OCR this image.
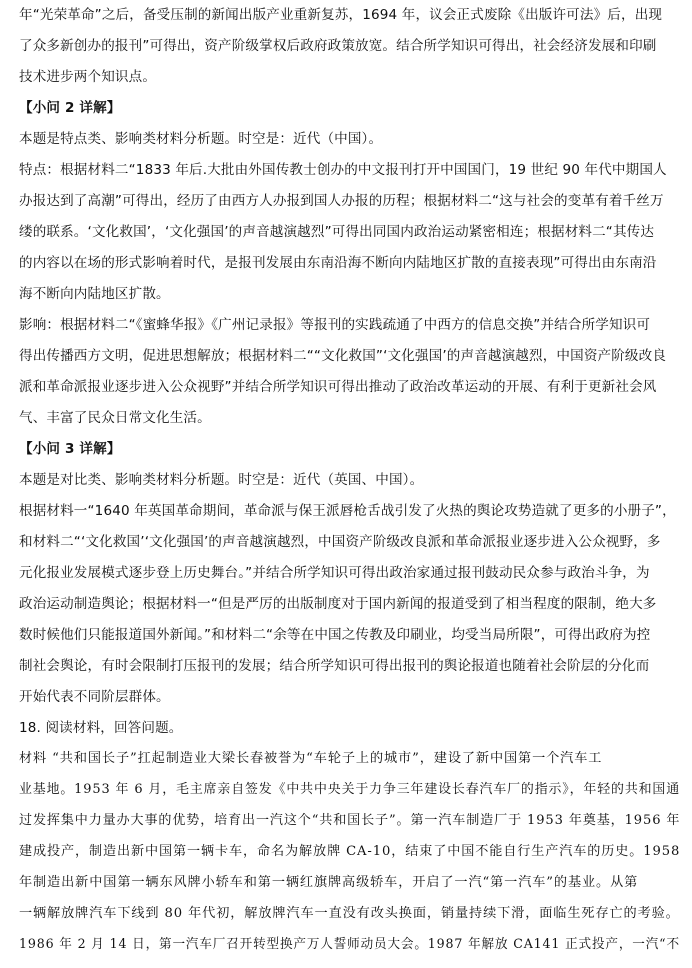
年“光荣革命”之后，备受压制的新闻出版产业重新复苏，1694 年，议会正式废除《出版许可法》后，出现
了众多新创办的报刊”可得出，资产阶级掌权后政府政策放宽。结合所学知识可得出，社会经济发展和印刷
技术进步两个知识点。
【小问 2 详解】
本题是特点类、影响类材料分析题。时空是：近代（中国）。
特点：根据材料二“1833 年后.大批由外国传教士创办的中文报刊打开中国国门，19 世纪 90 年代中期国人
办报达到了高潮”可得出，经历了由西方人办报到国人办报的历程；根据材料二“这与社会的变革有着千丝万
缕的联系。‘文化救国’，‘文化强国’的声音越演越烈”可得出同国内政治运动紧密相连；根据材料二“其传达
的内容以在场的形式影响着时代，是报刊发展由东南沿海不断向内陆地区扩散的直接表现”可得出由东南沿
海不断向内陆地区扩散。
影响：根据材料二“《蜜蜂华报》《广州记录报》等报刊的实践疏通了中西方的信息交换”并结合所学知识可
得出传播西方文明，促进思想解放；根据材料二““文化救国”‘文化强国’的声音越演越烈，中国资产阶级改良
派和革命派报业逐步进入公众视野”并结合所学知识可得出推动了政治改革运动的开展、有利于更新社会风
气、丰富了民众日常文化生活。
【小问 3 详解】
本题是对比类、影响类材料分析题。时空是：近代（英国、中国）。
根据材料一“1640 年英国革命期间，革命派与保王派唇枪舌战引发了火热的舆论攻势造就了更多的小册子”，
和材料二“‘文化救国’‘文化强国’的声音越演越烈，中国资产阶级改良派和革命派报业逐步进入公众视野，多
元化报业发展模式逐步登上历史舞台。”并结合所学知识可得出政治家通过报刊鼓动民众参与政治斗争，为
政治运动制造舆论；根据材料一“但是严厉的出版制度对于国内新闻的报道受到了相当程度的限制，绝大多
数时候他们只能报道国外新闻。”和材料二“余等在中国之传教及印刷业，均受当局所限”，可得出政府为控
制社会舆论，有时会限制打压报刊的发展；结合所学知识可得出报刊的舆论报道也随着社会阶层的分化而
开始代表不同阶层群体。
18. 阅读材料，回答问题。
材料 “共和国长子”扛起制造业大梁长春被誉为“车轮子上的城市”，建设了新中国第一个汽车工
业基地。1953 年 6 月，毛主席亲自签发《中共中央关于力争三年建设长春汽车厂的指示》，年轻的共和国通
过发挥集中力量办大事的优势，培育出一汽这个“共和国长子”。第一汽车制造厂于 1953 年奠基，1956 年
建成投产，制造出新中国第一辆卡车，命名为解放牌 CA-10，结束了中国不能自行生产汽车的历史。1958
年制造出新中国第一辆东风牌小轿车和第一辆红旗牌高级轿车，开启了一汽“第一汽车”的基业。从第
一辆解放牌汽车下线到 80 年代初，解放牌汽车一直没有改头换面，销量持续下滑，面临生死存亡的考验。
1986 年 2 月 14 日，第一汽车厂召开转型换产万人誓师动员大会。1987 年解放 CA141 正式投产，一汽“不
